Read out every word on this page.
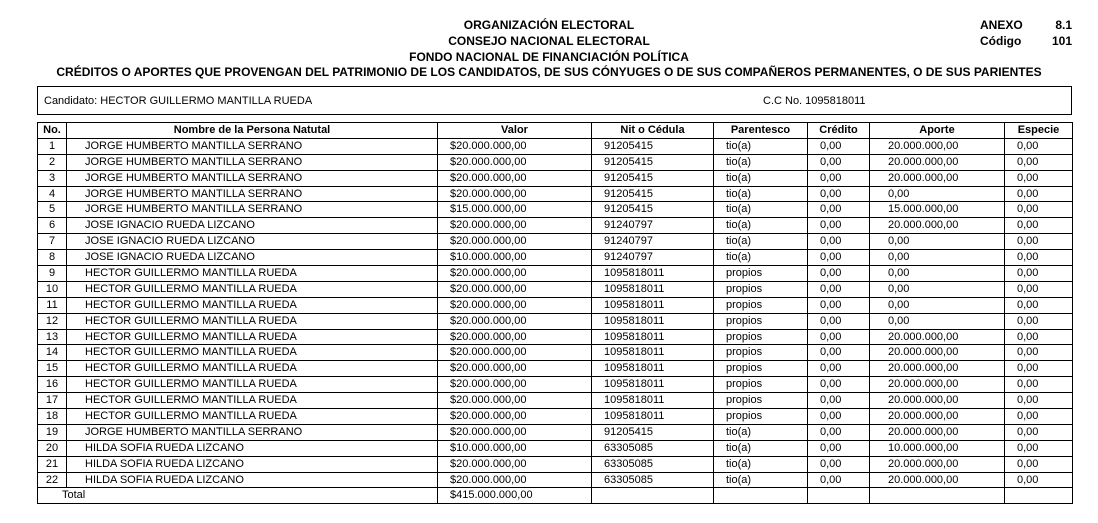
ORGANIZACIÓN ELECTORAL
CONSEJO NACIONAL ELECTORAL
FONDO NACIONAL DE FINANCIACIÓN POLÍTICA
CRÉDITOS O APORTES QUE PROVENGAN DEL PATRIMONIO DE LOS CANDIDATOS, DE SUS CÓNYUGES O DE SUS COMPAÑEROS PERMANENTES, O DE SUS PARIENTES
ANEXO	8.1
Código	101
Candidato: HECTOR GUILLERMO MANTILLA RUEDA	C.C No. 1095818011
No.	Nombre de la Persona Natutal	Valor	Nit o Cédula	Parentesco	Crédito	Aporte	Especie
1	JORGE HUMBERTO MANTILLA SERRANO	$20.000.000,00	91205415	tio(a)	0,00	20.000.000,00	0,00
2	JORGE HUMBERTO MANTILLA SERRANO	$20.000.000,00	91205415	tio(a)	0,00	20.000.000,00	0,00
3	JORGE HUMBERTO MANTILLA SERRANO	$20.000.000,00	91205415	tio(a)	0,00	20.000.000,00	0,00
4	JORGE HUMBERTO MANTILLA SERRANO	$20.000.000,00	91205415	tio(a)	0,00	0,00	0,00
5	JORGE HUMBERTO MANTILLA SERRANO	$15.000.000,00	91205415	tio(a)	0,00	15.000.000,00	0,00
6	JOSE IGNACIO RUEDA LIZCANO	$20.000.000,00	91240797	tio(a)	0,00	20.000.000,00	0,00
7	JOSE IGNACIO RUEDA LIZCANO	$20.000.000,00	91240797	tio(a)	0,00	0,00	0,00
8	JOSE IGNACIO RUEDA LIZCANO	$10.000.000,00	91240797	tio(a)	0,00	0,00	0,00
9	HECTOR GUILLERMO MANTILLA RUEDA	$20.000.000,00	1095818011	propios	0,00	0,00	0,00
10	HECTOR GUILLERMO MANTILLA RUEDA	$20.000.000,00	1095818011	propios	0,00	0,00	0,00
11	HECTOR GUILLERMO MANTILLA RUEDA	$20.000.000,00	1095818011	propios	0,00	0,00	0,00
12	HECTOR GUILLERMO MANTILLA RUEDA	$20.000.000,00	1095818011	propios	0,00	0,00	0,00
13	HECTOR GUILLERMO MANTILLA RUEDA	$20.000.000,00	1095818011	propios	0,00	20.000.000,00	0,00
14	HECTOR GUILLERMO MANTILLA RUEDA	$20.000.000,00	1095818011	propios	0,00	20.000.000,00	0,00
15	HECTOR GUILLERMO MANTILLA RUEDA	$20.000.000,00	1095818011	propios	0,00	20.000.000,00	0,00
16	HECTOR GUILLERMO MANTILLA RUEDA	$20.000.000,00	1095818011	propios	0,00	20.000.000,00	0,00
17	HECTOR GUILLERMO MANTILLA RUEDA	$20.000.000,00	1095818011	propios	0,00	20.000.000,00	0,00
18	HECTOR GUILLERMO MANTILLA RUEDA	$20.000.000,00	1095818011	propios	0,00	20.000.000,00	0,00
19	JORGE HUMBERTO MANTILLA SERRANO	$20.000.000,00	91205415	tio(a)	0,00	20.000.000,00	0,00
20	HILDA SOFIA RUEDA LIZCANO	$10.000.000,00	63305085	tio(a)	0,00	10.000.000,00	0,00
21	HILDA SOFIA RUEDA LIZCANO	$20.000.000,00	63305085	tio(a)	0,00	20.000.000,00	0,00
22	HILDA SOFIA RUEDA LIZCANO	$20.000.000,00	63305085	tio(a)	0,00	20.000.000,00	0,00
Total		$415.000.000,00					
